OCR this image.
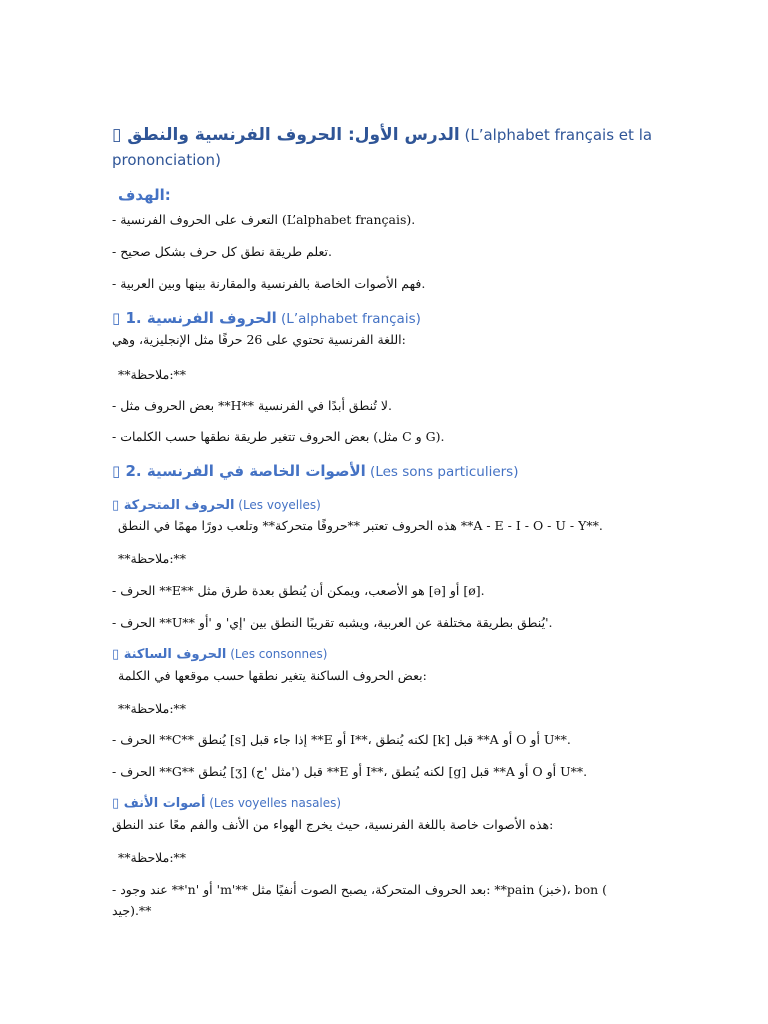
▯ الدرس الأول: الحروف الفرنسية والنطق (L’alphabet français et la
prononciation)
الهدف:
- التعرف على الحروف الفرنسية (L’alphabet français).
- تعلم طريقة نطق كل حرف بشكل صحيح.
- فهم الأصوات الخاصة بالفرنسية والمقارنة بينها وبين العربية.
▯ 1. الحروف الفرنسية (L’alphabet français)
اللغة الفرنسية تحتوي على 26 حرفًا مثل الإنجليزية، وهي:
**ملاحظة:**
- بعض الحروف مثل **H** لا تُنطق أبدًا في الفرنسية.
- بعض الحروف تتغير طريقة نطقها حسب الكلمات (مثل C و G).
▯ 2. الأصوات الخاصة في الفرنسية (Les sons particuliers)
▯ الحروف المتحركة (Les voyelles)
هذه الحروف تعتبر **حروفًا متحركة** وتلعب دورًا مهمًا في النطق **A - E - I - O - U - Y**.
**ملاحظة:**
- الحرف **E** هو الأصعب، ويمكن أن يُنطق بعدة طرق مثل [ə] أو [ø].
- الحرف **U** يُنطق بطريقة مختلفة عن العربية، ويشبه تقريبًا النطق بين 'إي' و 'أو'.
▯ الحروف الساكنة (Les consonnes)
بعض الحروف الساكنة يتغير نطقها حسب موقعها في الكلمة:
**ملاحظة:**
- الحرف **C** يُنطق [s] إذا جاء قبل **E أو I**، لكنه يُنطق [k] قبل **A أو O أو U**.
- الحرف **G** يُنطق [ʒ] (مثل 'ج') قبل **E أو I**، لكنه يُنطق [g] قبل **A أو O أو U**.
▯ أصوات الأنف (Les voyelles nasales)
هذه الأصوات خاصة باللغة الفرنسية، حيث يخرج الهواء من الأنف والفم معًا عند النطق:
**ملاحظة:**
- عند وجود **'n' أو 'm'** بعد الحروف المتحركة، يصبح الصوت أنفيًا مثل: **pain (خبز)، bon (
جيد).**
